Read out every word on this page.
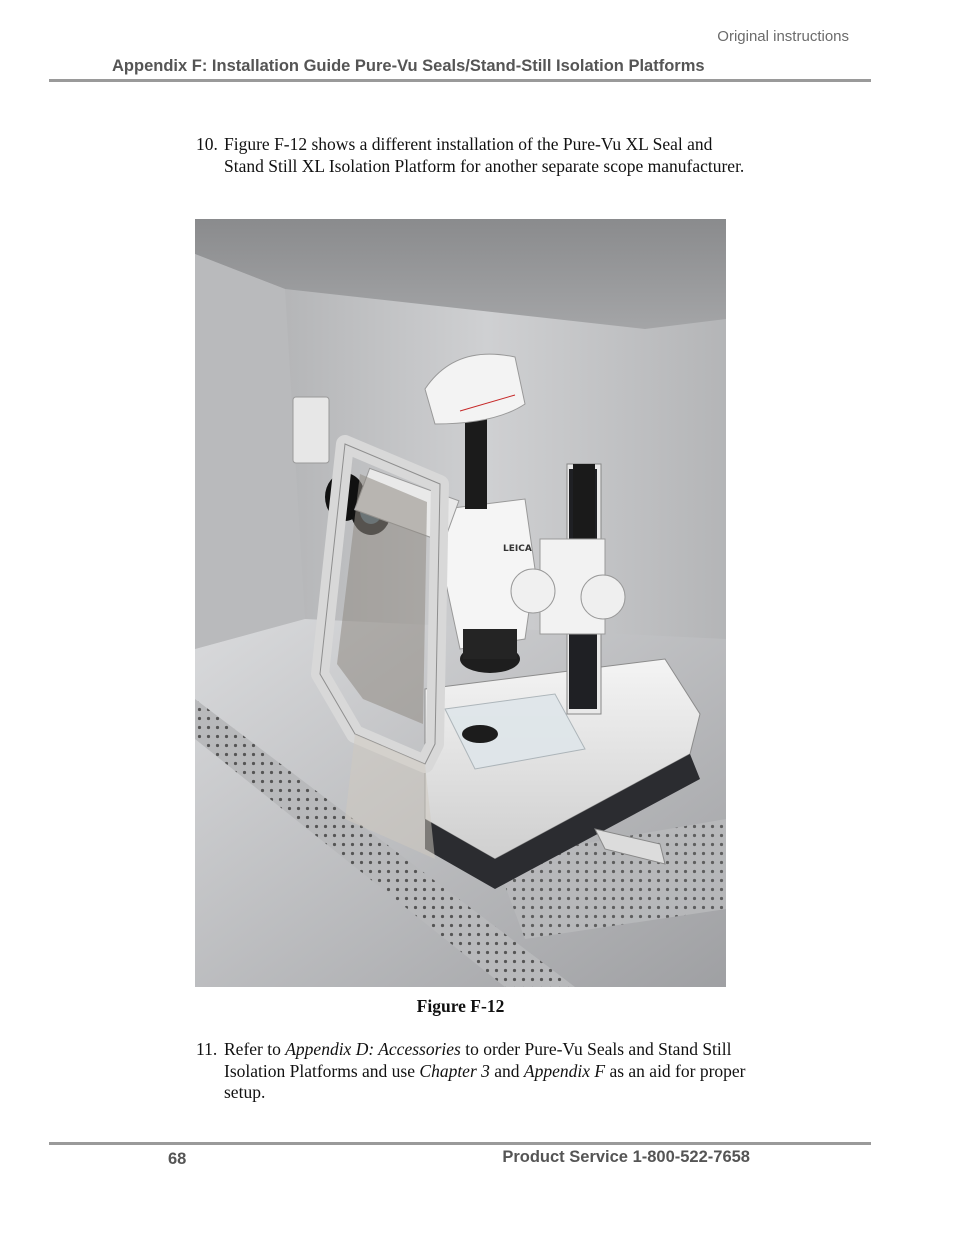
Original instructions
Appendix F: Installation Guide Pure-Vu Seals/Stand-Still Isolation Platforms
10. Figure F-12 shows a different installation of the Pure-Vu XL Seal and Stand Still XL Isolation Platform for another separate scope manufacturer.
LEICA
Figure F-12
11. Refer to Appendix D: Accessories to order Pure-Vu Seals and Stand Still Isolation Platforms and use Chapter 3 and Appendix F as an aid for proper setup.
68	Product Service 1-800-522-7658
